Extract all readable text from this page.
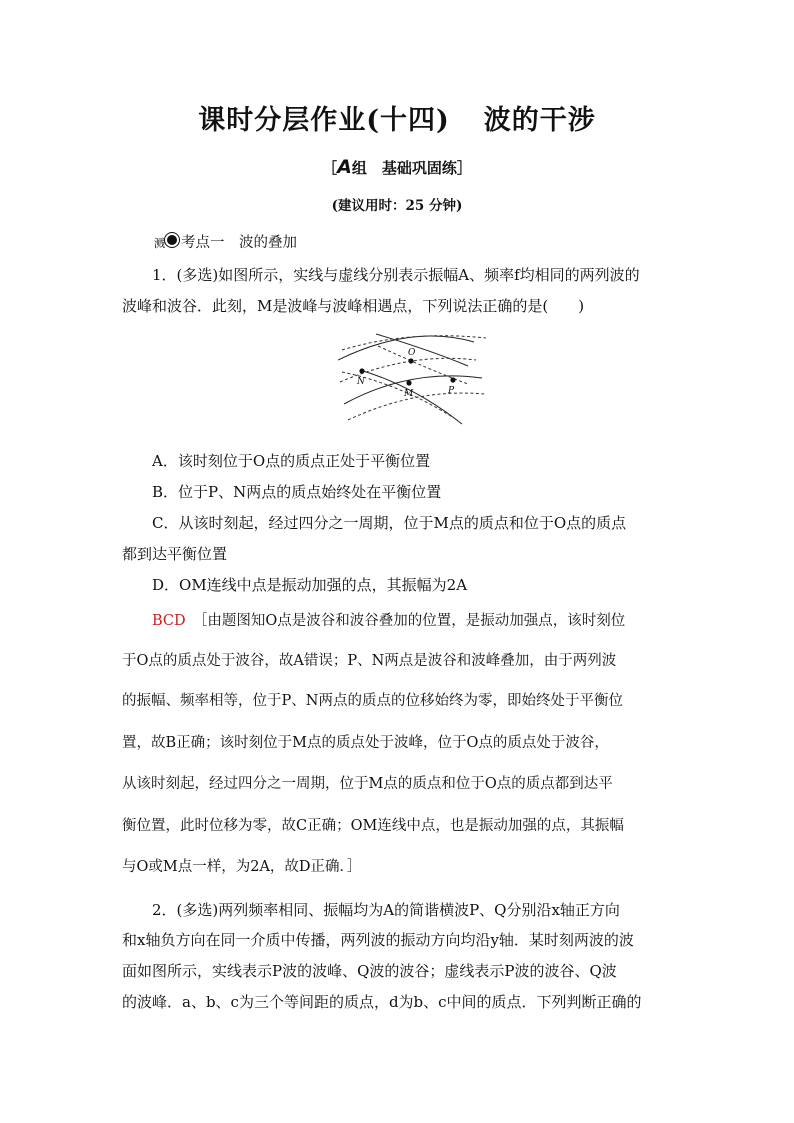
课时分层作业(十四) 波的干涉
［A组　基础巩固练］
(建议用时：25 分钟)
溅 考点一　波的叠加
1．(多选)如图所示，实线与虚线分别表示振幅A、频率f均相同的两列波的
波峰和波谷．此刻，M是波峰与波峰相遇点，下列说法正确的是(　　)
O
N
M	P
A．该时刻位于O点的质点正处于平衡位置
B．位于P、N两点的质点始终处在平衡位置
C．从该时刻起，经过四分之一周期，位于M点的质点和位于O点的质点
都到达平衡位置
D．OM连线中点是振动加强的点，其振幅为2A
BCD　 ［由题图知O点是波谷和波谷叠加的位置，是振动加强点，该时刻位
于O点的质点处于波谷，故A错误；P、N两点是波谷和波峰叠加，由于两列波
的振幅、频率相等，位于P、N两点的质点的位移始终为零，即始终处于平衡位
置，故B正确；该时刻位于M点的质点处于波峰，位于O点的质点处于波谷，
从该时刻起，经过四分之一周期，位于M点的质点和位于O点的质点都到达平
衡位置，此时位移为零，故C正确；OM连线中点，也是振动加强的点，其振幅
与O或M点一样，为2A，故D正确．］
2．(多选)两列频率相同、振幅均为A的简谐横波P、Q分别沿x轴正方向
和x轴负方向在同一介质中传播，两列波的振动方向均沿y轴．某时刻两波的波
面如图所示，实线表示P波的波峰、Q波的波谷；虚线表示P波的波谷、Q波
的波峰．a、b、c为三个等间距的质点，d为b、c中间的质点．下列判断正确的
